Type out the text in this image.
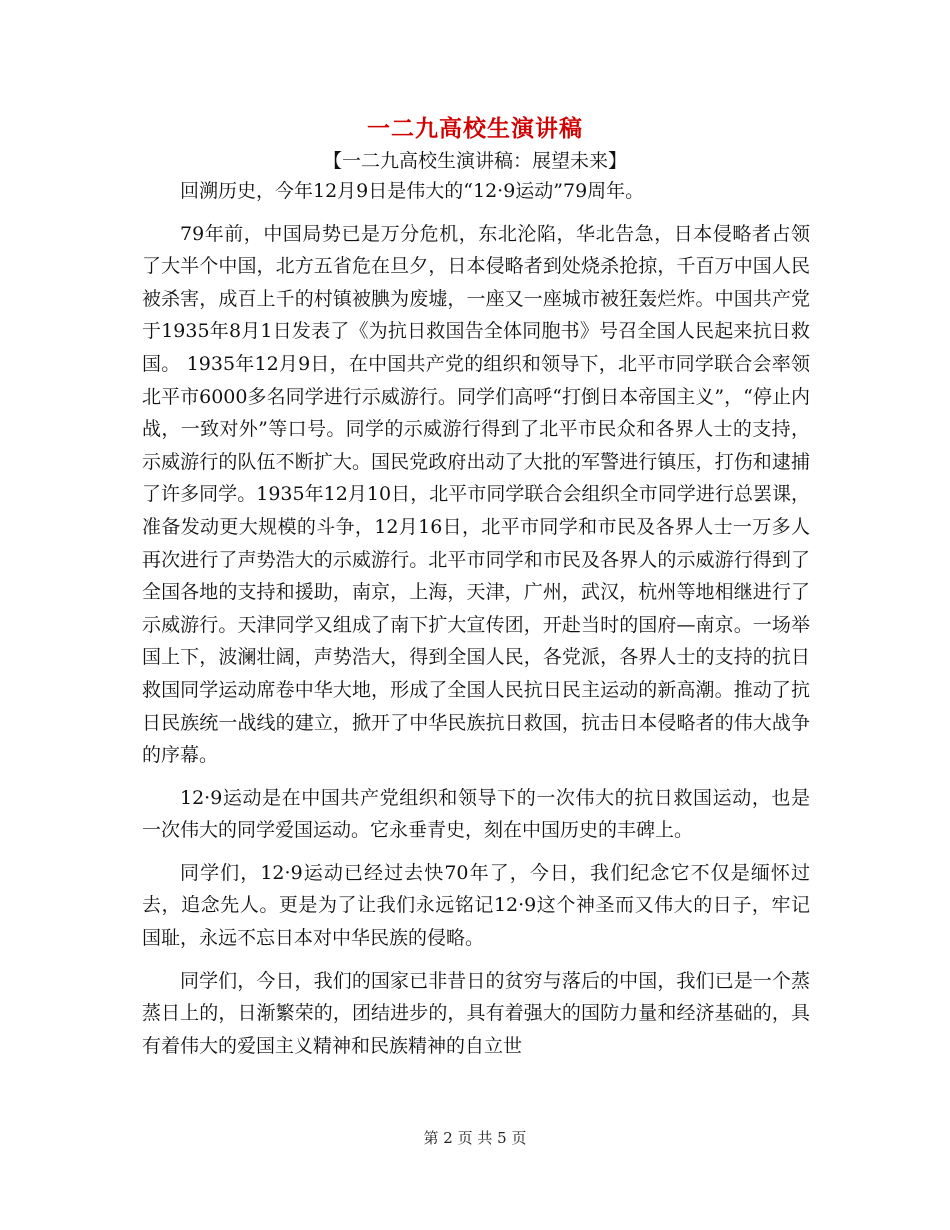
一二九高校生演讲稿
【一二九高校生演讲稿：展望未来】

回溯历史，今年12月9日是伟大的“12·9运动”79周年。

79年前，中国局势已是万分危机，东北沦陷，华北告急，日本侵略者占领了大半个中国，北方五省危在旦夕，日本侵略者到处烧杀抢掠，千百万中国人民被杀害，成百上千的村镇被腆为废墟，一座又一座城市被狂轰烂炸。中国共产党于1935年8月1日发表了《为抗日救国告全体同胞书》号召全国人民起来抗日救国。 1935年12月9日，在中国共产党的组织和领导下，北平市同学联合会率领北平市6000多名同学进行示威游行。同学们高呼“打倒日本帝国主义”，“停止内战，一致对外”等口号。同学的示威游行得到了北平市民众和各界人士的支持，示威游行的队伍不断扩大。国民党政府出动了大批的军警进行镇压，打伤和逮捕了许多同学。1935年12月10日，北平市同学联合会组织全市同学进行总罢课，准备发动更大规模的斗争，12月16日，北平市同学和市民及各界人士一万多人再次进行了声势浩大的示威游行。北平市同学和市民及各界人的示威游行得到了全国各地的支持和援助，南京，上海，天津，广州，武汉，杭州等地相继进行了示威游行。天津同学又组成了南下扩大宣传团，开赴当时的国府—南京。一场举国上下，波澜壮阔，声势浩大，得到全国人民，各党派，各界人士的支持的抗日救国同学运动席卷中华大地，形成了全国人民抗日民主运动的新高潮。推动了抗日民族统一战线的建立，掀开了中华民族抗日救国，抗击日本侵略者的伟大战争的序幕。

12·9运动是在中国共产党组织和领导下的一次伟大的抗日救国运动，也是一次伟大的同学爱国运动。它永垂青史，刻在中国历史的丰碑上。

同学们，12·9运动已经过去快70年了，今日，我们纪念它不仅是缅怀过去，追念先人。更是为了让我们永远铭记12·9这个神圣而又伟大的日子，牢记国耻，永远不忘日本对中华民族的侵略。

同学们，今日，我们的国家已非昔日的贫穷与落后的中国，我们已是一个蒸蒸日上的，日渐繁荣的，团结进步的，具有着强大的国防力量和经济基础的，具有着伟大的爱国主义精神和民族精神的自立世

第 2 页 共 5 页
